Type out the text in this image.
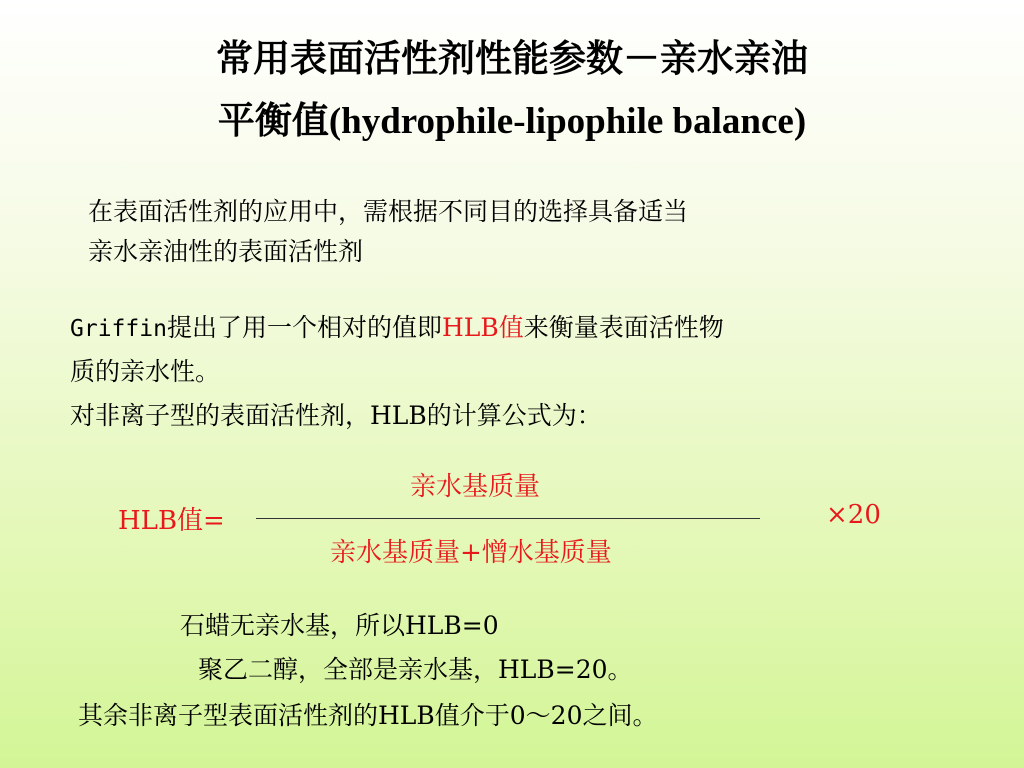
常用表面活性剂性能参数－亲水亲油
平衡值(hydrophile-lipophile balance)
在表面活性剂的应用中，需根据不同目的选择具备适当
亲水亲油性的表面活性剂
Griffin提出了用一个相对的值即HLB值来衡量表面活性物
质的亲水性。
对非离子型的表面活性剂，HLB的计算公式为：
HLB值=
亲水基质量
亲水基质量+憎水基质量
×20
石蜡无亲水基，所以HLB=0
聚乙二醇，全部是亲水基，HLB=20。
其余非离子型表面活性剂的HLB值介于0～20之间。
